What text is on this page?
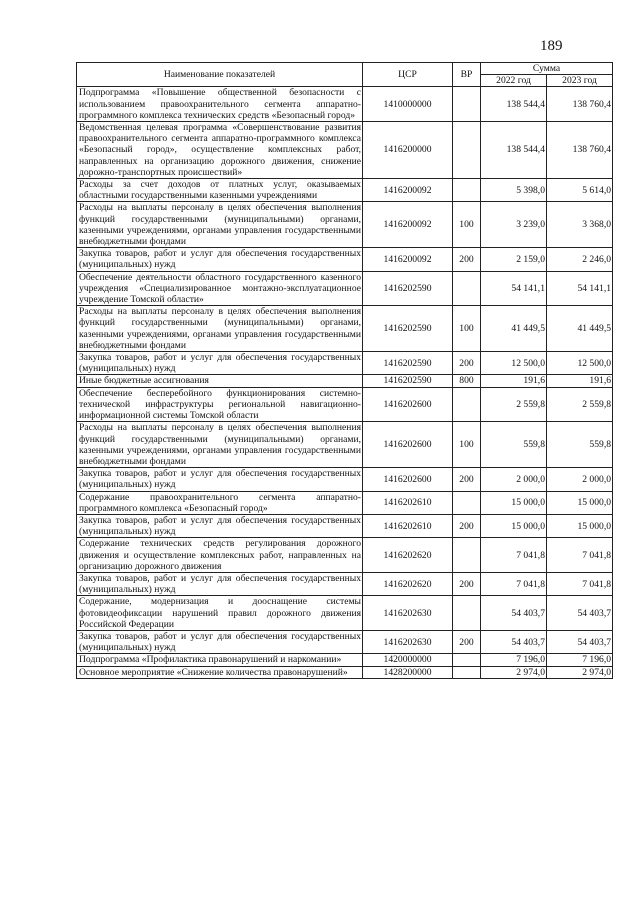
189
Наименование показателей	ЦСР	ВР	Сумма	
			2022 год	2023 год
Подпрограмма «Повышение общественной безопасности с использованием правоохранительного сегмента аппаратно-программного комплекса технических средств «Безопасный город»	1410000000		138 544,4	138 760,4
Ведомственная целевая программа «Совершенствование развития правоохранительного сегмента аппаратно-программного комплекса «Безопасный город», осуществление комплексных работ, направленных на организацию дорожного движения, снижение дорожно-транспортных происшествий»	1416200000		138 544,4	138 760,4
Расходы за счет доходов от платных услуг, оказываемых областными государственными казенными учреждениями	1416200092		5 398,0	5 614,0
Расходы на выплаты персоналу в целях обеспечения выполнения функций государственными (муниципальными) органами, казенными учреждениями, органами управления государственными внебюджетными фондами	1416200092	100	3 239,0	3 368,0
Закупка товаров, работ и услуг для обеспечения государственных (муниципальных) нужд	1416200092	200	2 159,0	2 246,0
Обеспечение деятельности областного государственного казенного учреждения «Специализированное монтажно-эксплуатационное учреждение Томской области»	1416202590		54 141,1	54 141,1
Расходы на выплаты персоналу в целях обеспечения выполнения функций государственными (муниципальными) органами, казенными учреждениями, органами управления государственными внебюджетными фондами	1416202590	100	41 449,5	41 449,5
Закупка товаров, работ и услуг для обеспечения государственных (муниципальных) нужд	1416202590	200	12 500,0	12 500,0
Иные бюджетные ассигнования	1416202590	800	191,6	191,6
Обеспечение бесперебойного функционирования системно-технической инфраструктуры региональной навигационно-информационной системы Томской области	1416202600		2 559,8	2 559,8
Расходы на выплаты персоналу в целях обеспечения выполнения функций государственными (муниципальными) органами, казенными учреждениями, органами управления государственными внебюджетными фондами	1416202600	100	559,8	559,8
Закупка товаров, работ и услуг для обеспечения государственных (муниципальных) нужд	1416202600	200	2 000,0	2 000,0
Содержание правоохранительного сегмента аппаратно-программного комплекса «Безопасный город»	1416202610		15 000,0	15 000,0
Закупка товаров, работ и услуг для обеспечения государственных (муниципальных) нужд	1416202610	200	15 000,0	15 000,0
Содержание технических средств регулирования дорожного движения и осуществление комплексных работ, направленных на организацию дорожного движения	1416202620		7 041,8	7 041,8
Закупка товаров, работ и услуг для обеспечения государственных (муниципальных) нужд	1416202620	200	7 041,8	7 041,8
Содержание, модернизация и дооснащение системы фотовидеофиксации нарушений правил дорожного движения Российской Федерации	1416202630		54 403,7	54 403,7
Закупка товаров, работ и услуг для обеспечения государственных (муниципальных) нужд	1416202630	200	54 403,7	54 403,7
Подпрограмма «Профилактика правонарушений и наркомании»	1420000000		7 196,0	7 196,0
Основное мероприятие «Снижение количества правонарушений»	1428200000		2 974,0	2 974,0
